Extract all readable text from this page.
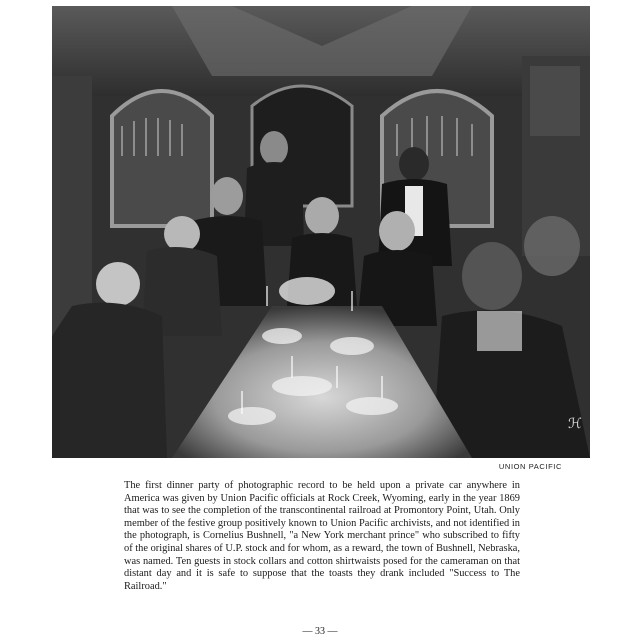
ℋ
UNION PACIFIC

The first dinner party of photographic record to be held upon a private car anywhere in America was given by Union Pacific officials at Rock Creek, Wyoming, early in the year 1869 that was to see the completion of the transcontinental railroad at Promontory Point, Utah. Only member of the festive group positively known to Union Pacific archivists, and not identified in the photograph, is Cornelius Bushnell, "a New York merchant prince" who subscribed to fifty of the original shares of U.P. stock and for whom, as a reward, the town of Bushnell, Nebraska, was named. Ten guests in stock collars and cotton shirtwaists posed for the cameraman on that distant day and it is safe to suppose that the toasts they drank included "Success to The Railroad."

— 33 —
